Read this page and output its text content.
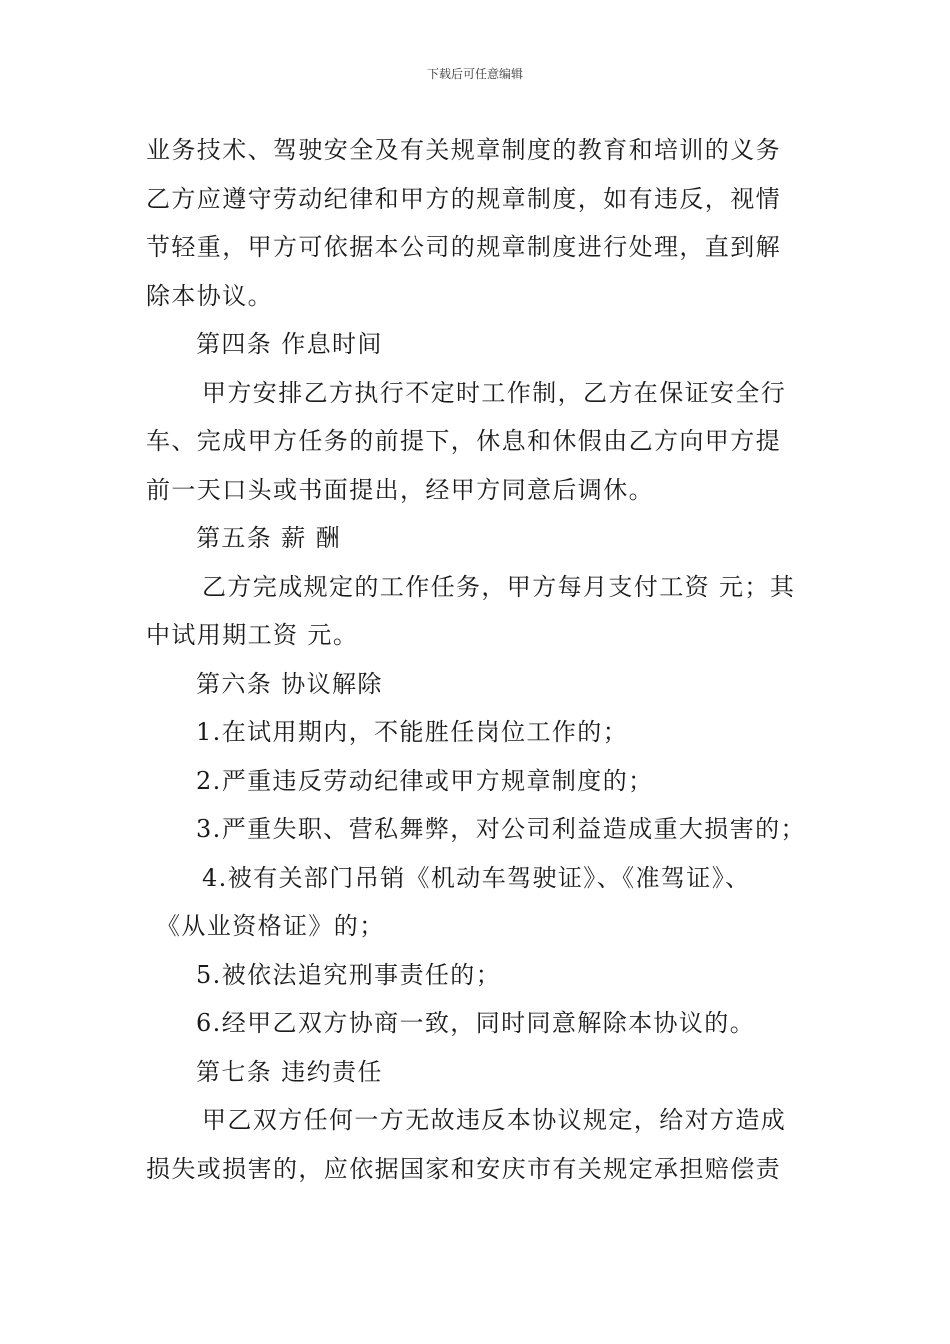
下载后可任意编辑
业务技术、驾驶安全及有关规章制度的教育和培训的义务
乙方应遵守劳动纪律和甲方的规章制度，如有违反，视情
节轻重，甲方可依据本公司的规章制度进行处理，直到解
除本协议。
第四条 作息时间
甲方安排乙方执行不定时工作制，乙方在保证安全行
车、完成甲方任务的前提下，休息和休假由乙方向甲方提
前一天口头或书面提出，经甲方同意后调休。
第五条 薪 酬
乙方完成规定的工作任务，甲方每月支付工资 元；其
中试用期工资 元。
第六条 协议解除
1.在试用期内，不能胜任岗位工作的；
2.严重违反劳动纪律或甲方规章制度的；
3.严重失职、营私舞弊，对公司利益造成重大损害的；
4.被有关部门吊销《机动车驾驶证》、《准驾证》、
《从业资格证》的；
5.被依法追究刑事责任的；
6.经甲乙双方协商一致，同时同意解除本协议的。
第七条 违约责任
甲乙双方任何一方无故违反本协议规定，给对方造成
损失或损害的，应依据国家和安庆市有关规定承担赔偿责
